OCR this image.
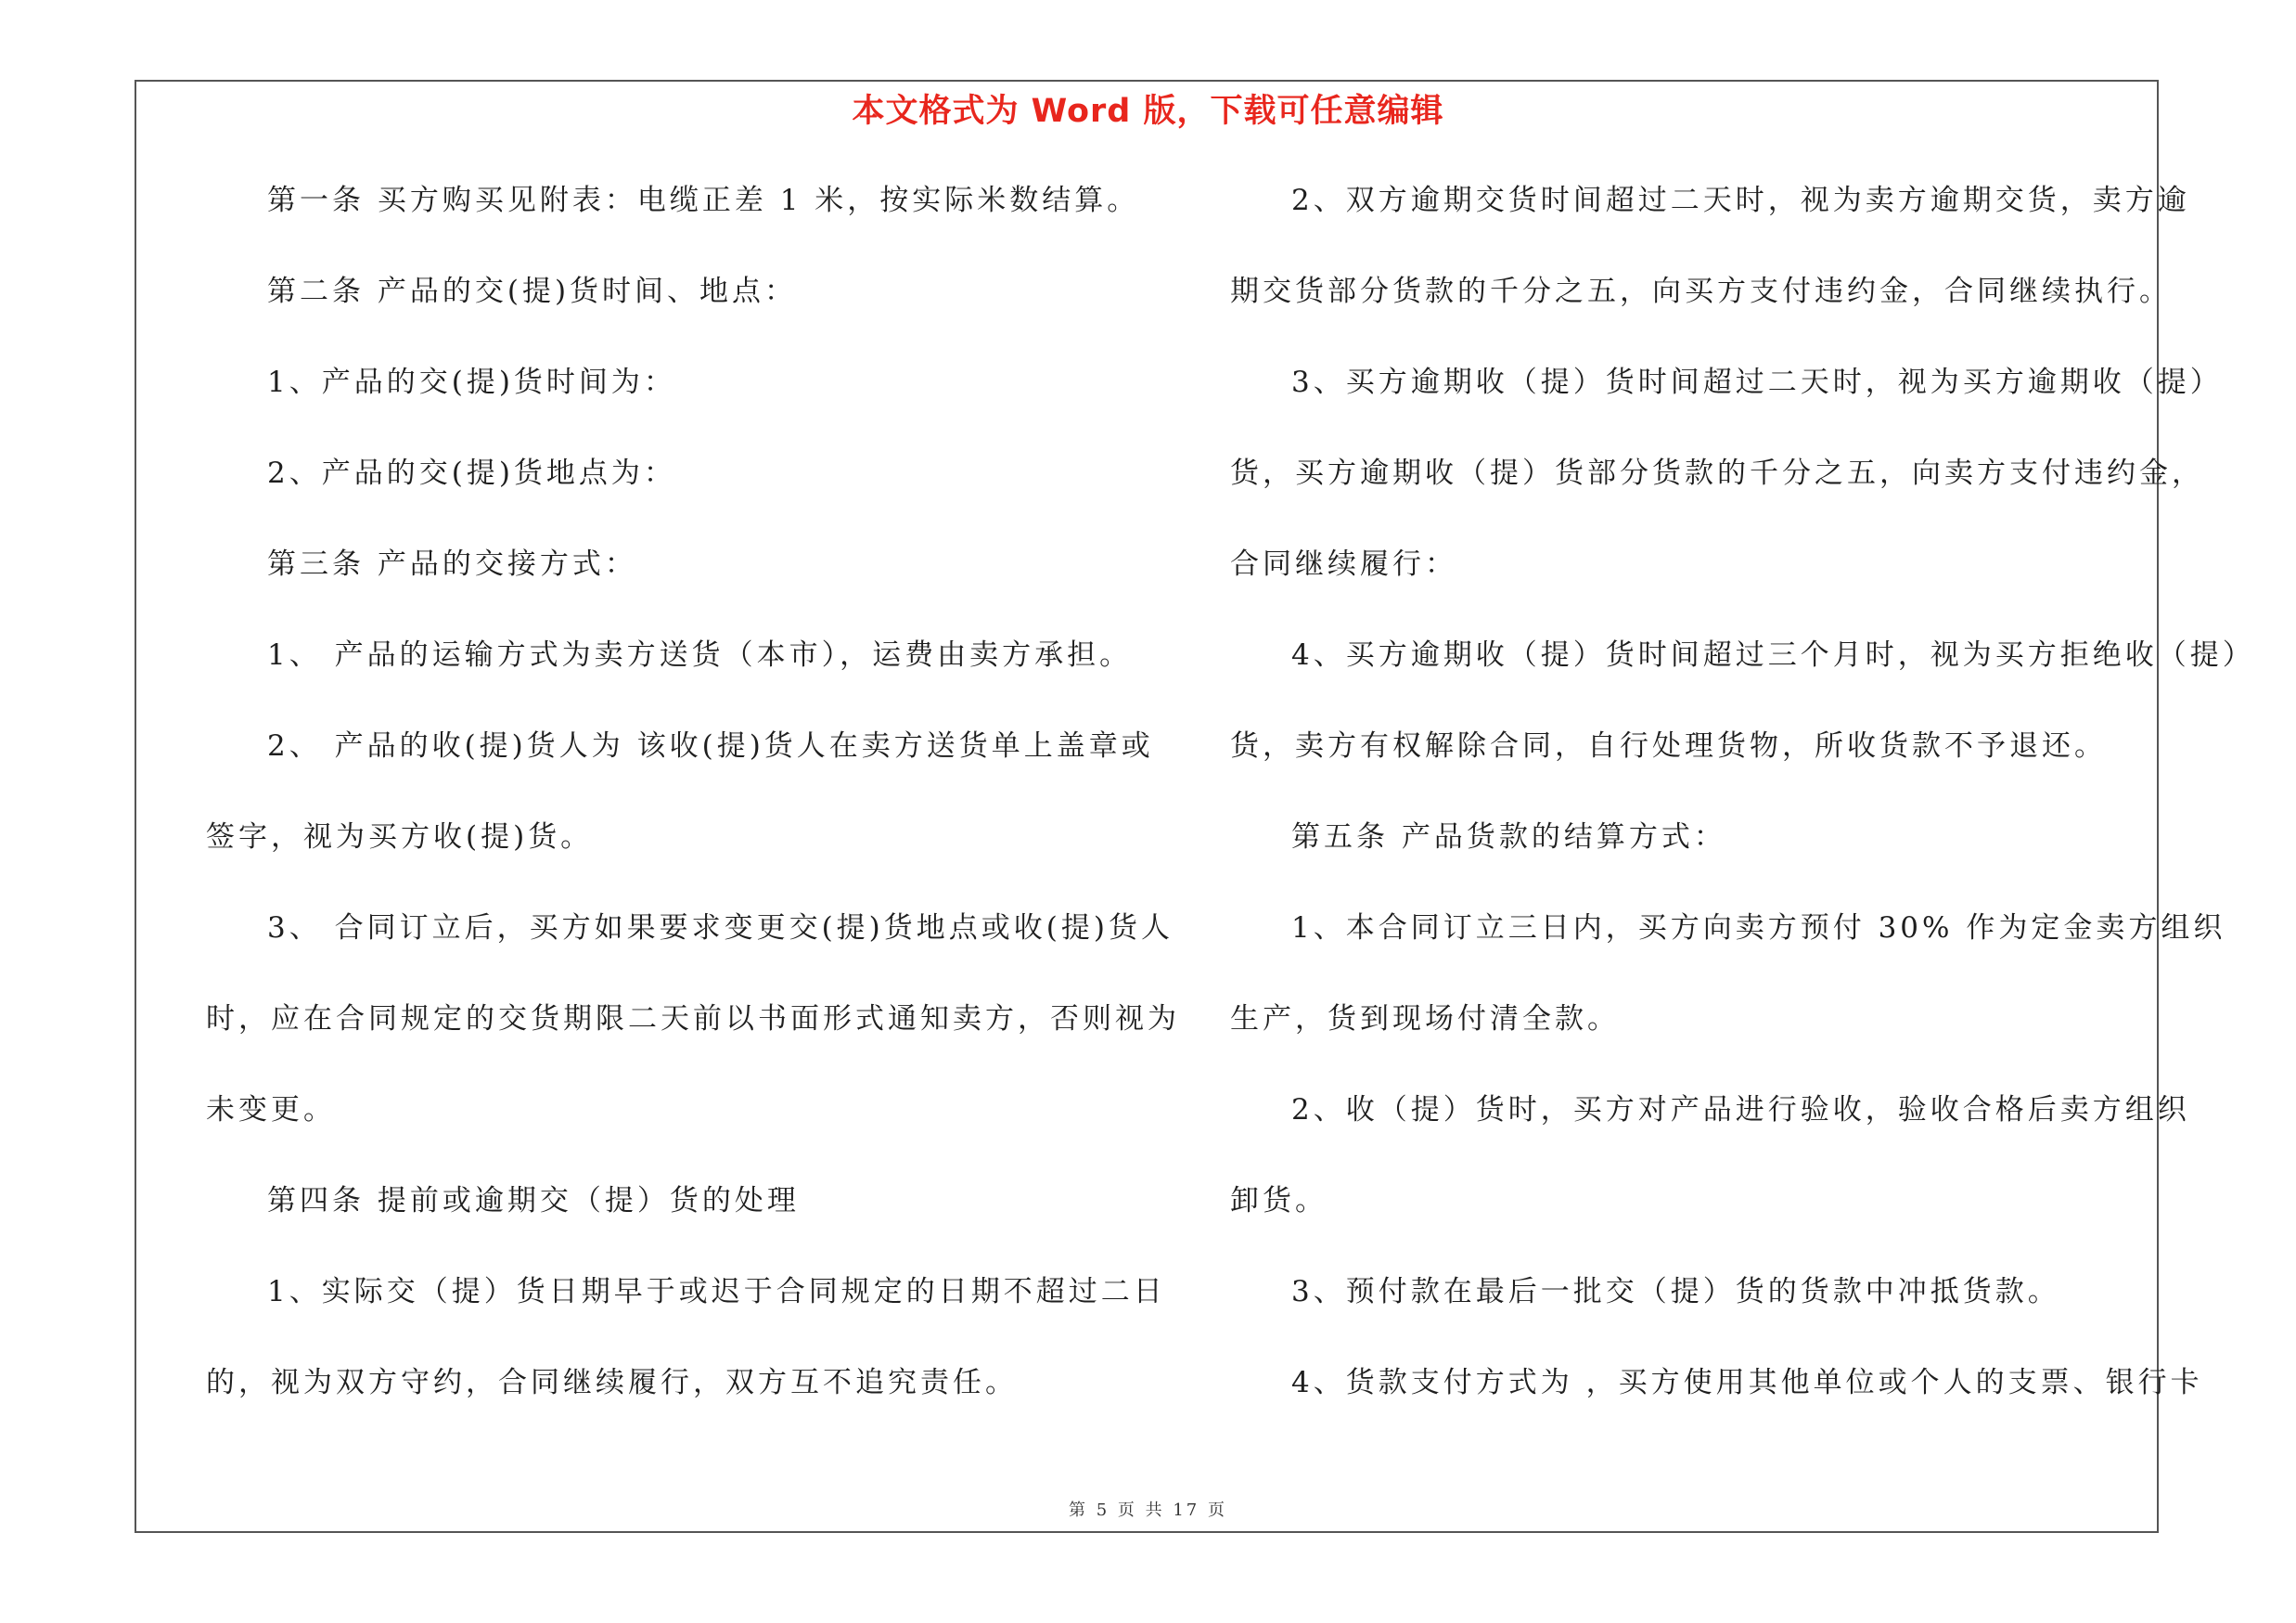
本文格式为 Word 版，下载可任意编辑
第一条 买方购买见附表：电缆正差 1 米，按实际米数结算。
第二条 产品的交(提)货时间、地点：
1、产品的交(提)货时间为：
2、产品的交(提)货地点为：
第三条 产品的交接方式：
1、 产品的运输方式为卖方送货（本市），运费由卖方承担。
2、 产品的收(提)货人为 该收(提)货人在卖方送货单上盖章或
签字，视为买方收(提)货。
3、 合同订立后，买方如果要求变更交(提)货地点或收(提)货人
时，应在合同规定的交货期限二天前以书面形式通知卖方，否则视为
未变更。
第四条 提前或逾期交（提）货的处理
1、实际交（提）货日期早于或迟于合同规定的日期不超过二日
的，视为双方守约，合同继续履行，双方互不追究责任。
2、双方逾期交货时间超过二天时，视为卖方逾期交货，卖方逾
期交货部分货款的千分之五，向买方支付违约金，合同继续执行。
3、买方逾期收（提）货时间超过二天时，视为买方逾期收（提）
货，买方逾期收（提）货部分货款的千分之五，向卖方支付违约金，
合同继续履行：
4、买方逾期收（提）货时间超过三个月时，视为买方拒绝收（提）
货，卖方有权解除合同，自行处理货物，所收货款不予退还。
第五条 产品货款的结算方式：
1、本合同订立三日内，买方向卖方预付 30% 作为定金卖方组织
生产，货到现场付清全款。
2、收（提）货时，买方对产品进行验收，验收合格后卖方组织
卸货。
3、预付款在最后一批交（提）货的货款中冲抵货款。
4、货款支付方式为 ，买方使用其他单位或个人的支票、银行卡
第 5 页 共 17 页
